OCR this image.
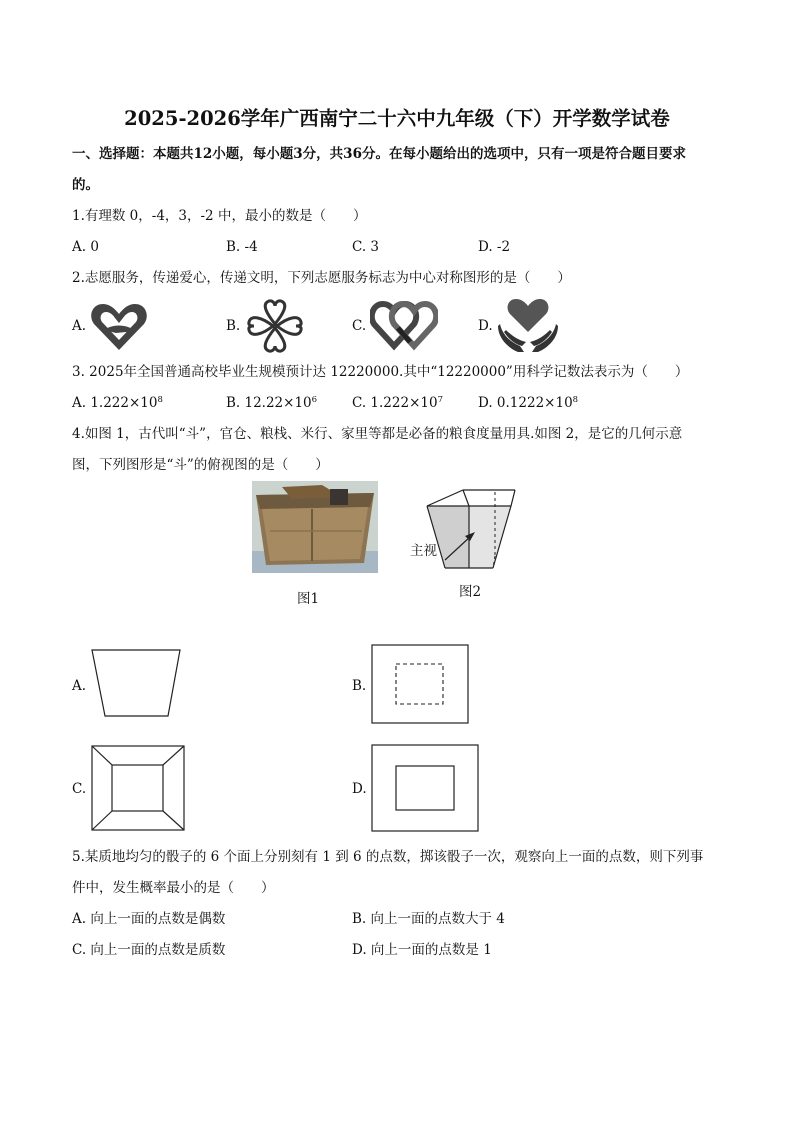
2025-2026学年广西南宁二十六中九年级（下）开学数学试卷
一、选择题：本题共12小题，每小题3分，共36分。在每小题给出的选项中，只有一项是符合题目要求
的。
1.有理数 0，-4，3，-2 中，最小的数是（　　）
A. 0	B. -4	C. 3	D. -2
2.志愿服务，传递爱心，传递文明，下列志愿服务标志为中心对称图形的是（　　）
A.	B.	C.	D.
3. 2025年全国普通高校毕业生规模预计达 12220000.其中“12220000”用科学记数法表示为（　　）
A. $1.222\times 10^8$	B. $12.22\times 10^6$	C. $1.222\times 10^7$	D. $0.1222\times 10^8$
4.如图 1，古代叫“斗”，官仓、粮栈、米行、家里等都是必备的粮食度量用具.如图 2，是它的几何示意
图，下列图形是“斗”的俯视图的是（　　）
图1
主视
图2
A.	B.
C.	D.
5.某质地均匀的骰子的 6 个面上分别刻有 1 到 6 的点数，掷该骰子一次，观察向上一面的点数，则下列事
件中，发生概率最小的是（　　）
A. 向上一面的点数是偶数	B. 向上一面的点数大于 4
C. 向上一面的点数是质数	D. 向上一面的点数是 1
